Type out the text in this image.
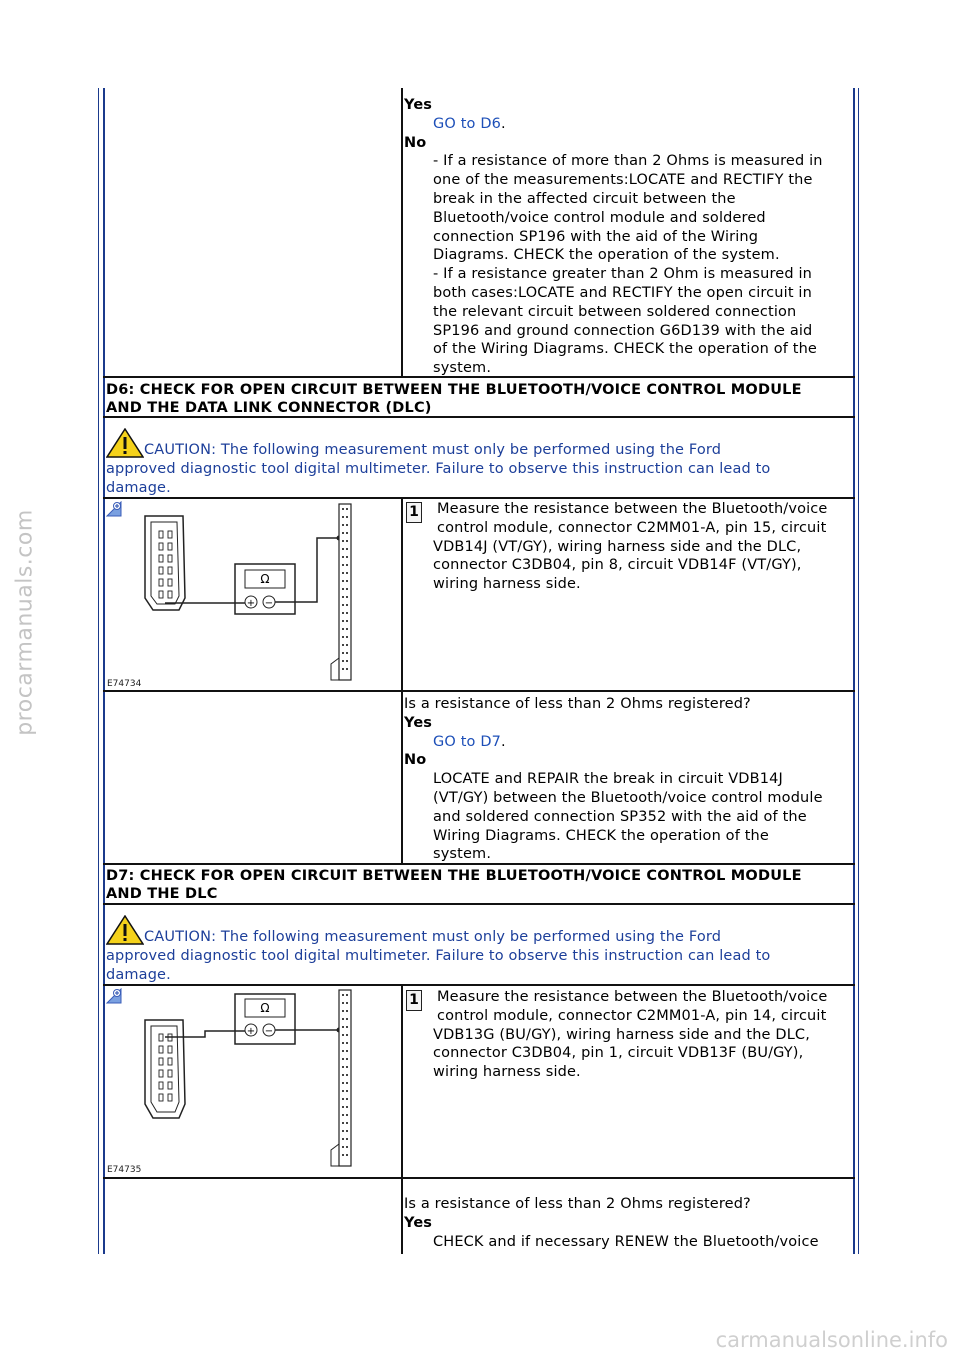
procarmanuals.com
carmanualsonline.info
Yes
GO to D6.
No
- If a resistance of more than 2 Ohms is measured in
one of the measurements:LOCATE and RECTIFY the
break in the affected circuit between the
Bluetooth/voice control module and soldered
connection SP196 with the aid of the Wiring
Diagrams. CHECK the operation of the system.
- If a resistance greater than 2 Ohm is measured in
both cases:LOCATE and RECTIFY the open circuit in
the relevant circuit between soldered connection
SP196 and ground connection G6D139 with the aid
of the Wiring Diagrams. CHECK the operation of the
system.
D6: CHECK FOR OPEN CIRCUIT BETWEEN THE BLUETOOTH/VOICE CONTROL MODULE
AND THE DATA LINK CONNECTOR (DLC)
CAUTION: The following measurement must only be performed using the Ford
approved diagnostic tool digital multimeter. Failure to observe this instruction can lead to
damage.
Ω
+ −
E74734
1 Measure the resistance between the Bluetooth/voice
control module, connector C2MM01-A, pin 15, circuit
VDB14J (VT/GY), wiring harness side and the DLC,
connector C3DB04, pin 8, circuit VDB14F (VT/GY),
wiring harness side.
Is a resistance of less than 2 Ohms registered?
Yes
GO to D7.
No
LOCATE and REPAIR the break in circuit VDB14J
(VT/GY) between the Bluetooth/voice control module
and soldered connection SP352 with the aid of the
Wiring Diagrams. CHECK the operation of the
system.
D7: CHECK FOR OPEN CIRCUIT BETWEEN THE BLUETOOTH/VOICE CONTROL MODULE
AND THE DLC
CAUTION: The following measurement must only be performed using the Ford
approved diagnostic tool digital multimeter. Failure to observe this instruction can lead to
damage.
Ω
+ −
E74735
1 Measure the resistance between the Bluetooth/voice
control module, connector C2MM01-A, pin 14, circuit
VDB13G (BU/GY), wiring harness side and the DLC,
connector C3DB04, pin 1, circuit VDB13F (BU/GY),
wiring harness side.
Is a resistance of less than 2 Ohms registered?
Yes
CHECK and if necessary RENEW the Bluetooth/voice
